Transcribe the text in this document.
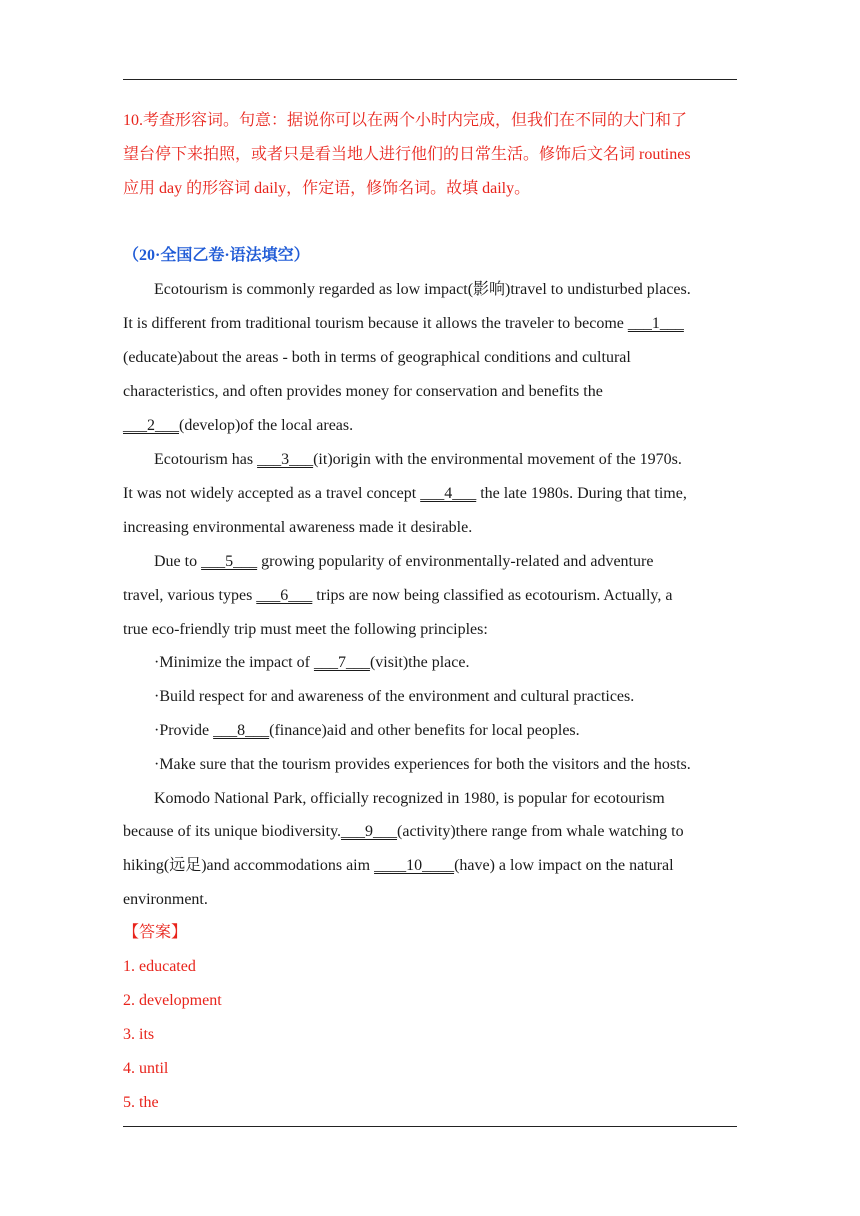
10.考查形容词。句意：据说你可以在两个小时内完成，但我们在不同的大门和了
望台停下来拍照，或者只是看当地人进行他们的日常生活。修饰后文名词 routines
应用 day 的形容词 daily，作定语，修饰名词。故填 daily。
（20·全国乙卷·语法填空）
Ecotourism is commonly regarded as low impact(影响)travel to undisturbed places.
It is different from traditional tourism because it allows the traveler to become ___1___
(educate)about the areas - both in terms of geographical conditions and cultural
characteristics, and often provides money for conservation and benefits the
___2___(develop)of the local areas.
Ecotourism has ___3___(it)origin with the environmental movement of the 1970s.
It was not widely accepted as a travel concept ___4___ the late 1980s. During that time,
increasing environmental awareness made it desirable.
Due to ___5___ growing popularity of environmentally-related and adventure
travel, various types ___6___ trips are now being classified as ecotourism. Actually, a
true eco-friendly trip must meet the following principles:
·Minimize the impact of ___7___(visit)the place.
·Build respect for and awareness of the environment and cultural practices.
·Provide ___8___(finance)aid and other benefits for local peoples.
·Make sure that the tourism provides experiences for both the visitors and the hosts.
Komodo National Park, officially recognized in 1980, is popular for ecotourism
because of its unique biodiversity.___9___(activity)there range from whale watching to
hiking(远足)and accommodations aim ____10____(have) a low impact on the natural
environment.
【答案】
1. educated
2. development
3. its
4. until
5. the
